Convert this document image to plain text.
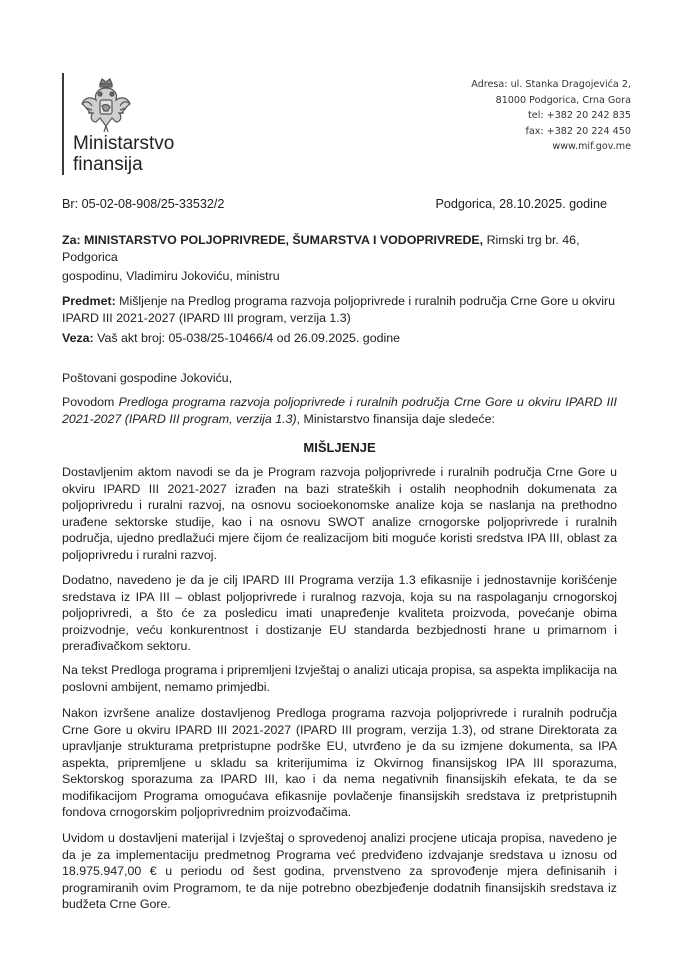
Ministarstvo
finansija
Adresa: ul. Stanka Dragojevića 2,
81000 Podgorica, Crna Gora
tel: +382 20 242 835
fax: +382 20 224 450
www.mif.gov.me
Br: 05-02-08-908/25-33532/2	Podgorica, 28.10.2025. godine
Za: MINISTARSTVO POLJOPRIVREDE, ŠUMARSTVA I VODOPRIVREDE, Rimski trg br. 46, Podgorica
gospodinu, Vladimiru Jokoviću, ministru
Predmet: Mišljenje na Predlog programa razvoja poljoprivrede i ruralnih područja Crne Gore u okviru IPARD III 2021-2027 (IPARD III program, verzija 1.3)
Veza: Vaš akt broj: 05-038/25-10466/4 od 26.09.2025. godine
Poštovani gospodine Jokoviću,
Povodom Predloga programa razvoja poljoprivrede i ruralnih područja Crne Gore u okviru IPARD III 2021-2027 (IPARD III program, verzija 1.3), Ministarstvo finansija daje sledeće:
MIŠLJENJE
Dostavljenim aktom navodi se da je Program razvoja poljoprivrede i ruralnih područja Crne Gore u okviru IPARD III 2021-2027 izrađen na bazi strateških i ostalih neophodnih dokumenata za poljoprivredu i ruralni razvoj, na osnovu socioekonomske analize koja se naslanja na prethodno urađene sektorske studije, kao i na osnovu SWOT analize crnogorske poljoprivrede i ruralnih područja, ujedno predlažući mjere čijom će realizacijom biti moguće koristi sredstva IPA III, oblast za poljoprivredu i ruralni razvoj.
Dodatno, navedeno je da je cilj IPARD III Programa verzija 1.3 efikasnije i jednostavnije korišćenje sredstava iz IPA III – oblast poljoprivrede i ruralnog razvoja, koja su na raspolaganju crnogorskoj poljoprivredi, a što će za posledicu imati unapređenje kvaliteta proizvoda, povećanje obima proizvodnje, veću konkurentnost i dostizanje EU standarda bezbjednosti hrane u primarnom i prerađivačkom sektoru.
Na tekst Predloga programa i pripremljeni Izvještaj o analizi uticaja propisa, sa aspekta implikacija na poslovni ambijent, nemamo primjedbi.
Nakon izvršene analize dostavljenog Predloga programa razvoja poljoprivrede i ruralnih područja Crne Gore u okviru IPARD III 2021-2027 (IPARD III program, verzija 1.3), od strane Direktorata za upravljanje strukturama pretpristupne podrške EU, utvrđeno je da su izmjene dokumenta, sa IPA aspekta, pripremljene u skladu sa kriterijumima iz Okvirnog finansijskog IPA III sporazuma, Sektorskog sporazuma za IPARD III, kao i da nema negativnih finansijskih efekata, te da se modifikacijom Programa omogućava efikasnije povlačenje finansijskih sredstava iz pretpristupnih fondova crnogorskim poljoprivrednim proizvođačima.
Uvidom u dostavljeni materijal i Izvještaj o sprovedenoj analizi procjene uticaja propisa, navedeno je da je za implementaciju predmetnog Programa već predviđeno izdvajanje sredstava u iznosu od 18.975.947,00 € u periodu od šest godina, prvenstveno za sprovođenje mjera definisanih i programiranih ovim Programom, te da nije potrebno obezbjeđenje dodatnih finansijskih sredstava iz budžeta Crne Gore.
